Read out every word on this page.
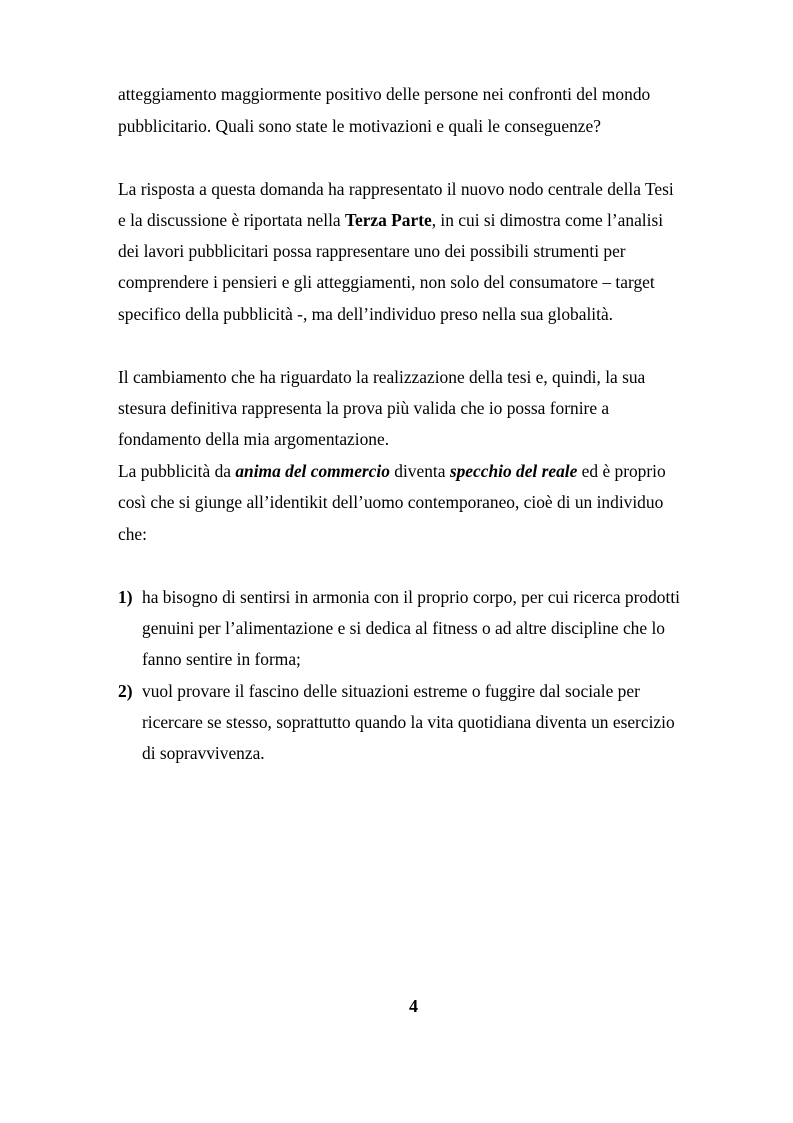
atteggiamento maggiormente positivo delle persone nei confronti del mondo
pubblicitario. Quali sono state le motivazioni e quali le conseguenze?
La risposta a questa domanda ha rappresentato il nuovo nodo centrale della Tesi
e la discussione è riportata nella Terza Parte, in cui si dimostra come l’analisi
dei lavori pubblicitari possa rappresentare uno dei possibili strumenti per
comprendere i pensieri e gli atteggiamenti, non solo del consumatore – target
specifico della pubblicità -, ma dell’individuo preso nella sua globalità.
Il cambiamento che ha riguardato la realizzazione della tesi e, quindi, la sua
stesura definitiva rappresenta la prova più valida che io possa fornire a
fondamento della mia argomentazione.
La pubblicità da anima del commercio diventa specchio del reale ed è proprio
così che si giunge all’identikit dell’uomo contemporaneo, cioè di un individuo
che:
1) ha bisogno di sentirsi in armonia con il proprio corpo, per cui ricerca prodotti
genuini per l’alimentazione e si dedica al fitness o ad altre discipline che lo
fanno sentire in forma;
2) vuol provare il fascino delle situazioni estreme o fuggire dal sociale per
ricercare se stesso, soprattutto quando la vita quotidiana diventa un esercizio
di sopravvivenza.
4
